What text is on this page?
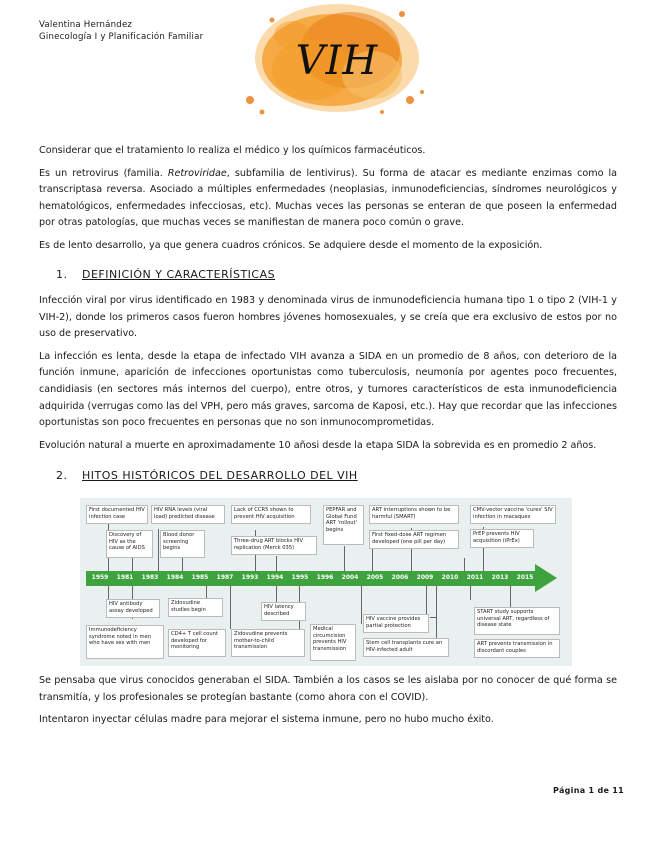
Valentina Hernández
Ginecología I y Planificación Familiar
VIH

Considerar que el tratamiento lo realiza el médico y los químicos farmacéuticos.

Es un retrovirus (familia. Retroviridae, subfamilia de lentivirus). Su forma de atacar es mediante enzimas como la transcriptasa reversa. Asociado a múltiples enfermedades (neoplasias, inmunodeficiencias, síndromes neurológicos y hematológicos, enfermedades infecciosas, etc). Muchas veces las personas se enteran de que poseen la enfermedad por otras patologías, que muchas veces se manifiestan de manera poco común o grave.

Es de lento desarrollo, ya que genera cuadros crónicos. Se adquiere desde el momento de la exposición.

1. DEFINICIÓN Y CARACTERÍSTICAS

Infección viral por virus identificado en 1983 y denominada virus de inmunodeficiencia humana tipo 1 o tipo 2 (VIH-1 y VIH-2), donde los primeros casos fueron hombres jóvenes homosexuales, y se creía que era exclusivo de estos por no uso de preservativo.

La infección es lenta, desde la etapa de infectado VIH avanza a SIDA en un promedio de 8 años, con deterioro de la función inmune, aparición de infecciones oportunistas como tuberculosis, neumonía por agentes poco frecuentes, candidiasis (en sectores más internos del cuerpo), entre otros, y tumores característicos de esta inmunodeficiencia adquirida (verrugas como las del VPH, pero más graves, sarcoma de Kaposi, etc.). Hay que recordar que las infecciones oportunistas son poco frecuentes en personas que no son inmunocomprometidas.

Evolución natural a muerte en aproximadamente 10 añosi desde la etapa SIDA la sobrevida es en promedio 2 años.

2. HITOS HISTÓRICOS DEL DESARROLLO DEL VIH
First documented HIV infection case
Discovery of HIV as the cause of AIDS
HIV RNA levels (viral load) predicted disease
Blood donor screening begins
Lack of CCR5 shown to prevent HIV acquisition
Three-drug ART blocks HIV replication (Merck 035)
PEPFAR and Global Fund ART 'rollout' begins
ART interruptions shown to be harmful (SMART)
First fixed-dose ART regimen developed (one pill per day)
CMV-vector vaccine 'cures' SIV infection in macaques
PrEP prevents HIV acquisition (iPrEx)
1959	1981	1983	1984	1985	1987	1993	1994	1995	1996	2004	2005	2006	2009	2010	2011	2013	2015
HIV antibody assay developed
Immunodeficiency syndrome noted in men who have sex with men
Zidovudine studies begin
CD4+ T cell count developed for monitoring
HIV latency described
Zidovudine prevents mother-to-child transmission
Medical circumcision prevents HIV transmission
HIV vaccine provides partial protection
Stem cell transplants cure an HIV-infected adult
START study supports universal ART, regardless of disease state
ART prevents transmission in discordant couples

Se pensaba que virus conocidos generaban el SIDA. También a los casos se les aislaba por no conocer de qué forma se transmitía, y los profesionales se protegían bastante (como ahora con el COVID).

Intentaron inyectar células madre para mejorar el sistema inmune, pero no hubo mucho éxito.

Página 1 de 11
